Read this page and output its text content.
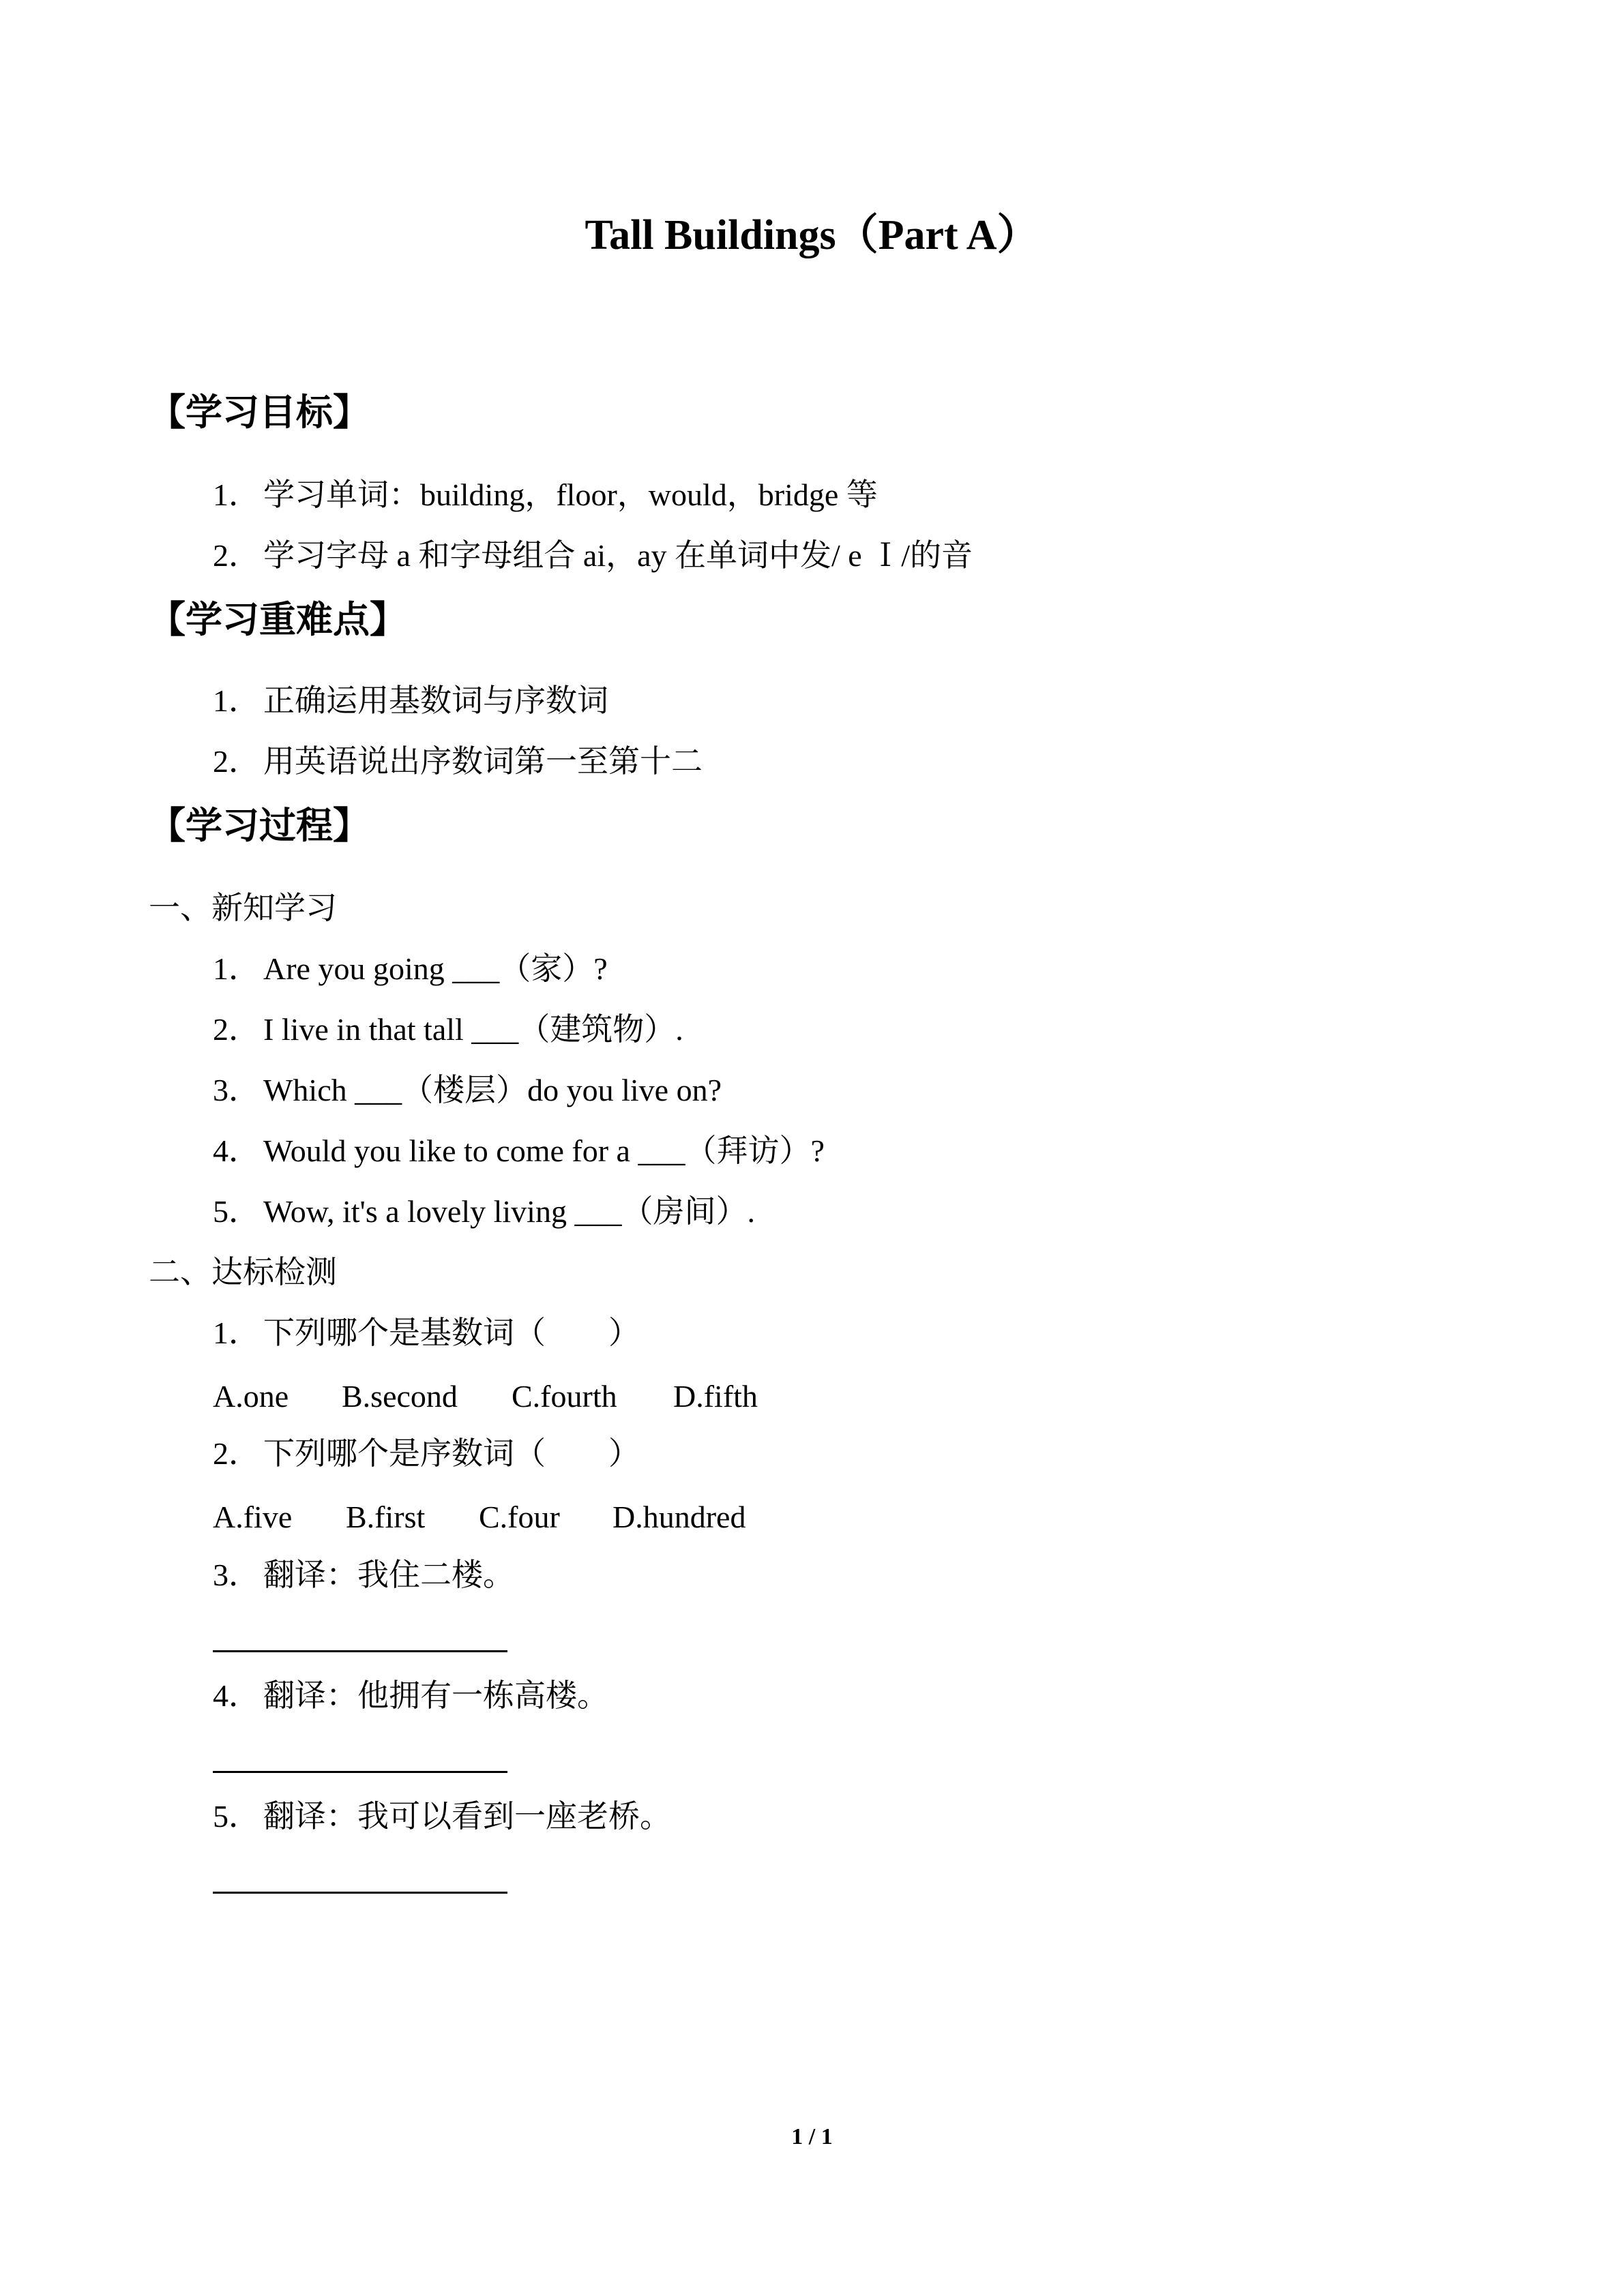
Tall Buildings（Part A）
【学习目标】
1． 学习单词：building，floor，would，bridge 等
2． 学习字母 a 和字母组合 ai，ay 在单词中发/ e Ｉ/的音
【学习重难点】
1． 正确运用基数词与序数词
2． 用英语说出序数词第一至第十二
【学习过程】
一、新知学习
1． Are you going ___（家）?
2． I live in that tall ___（建筑物）.
3． Which ___（楼层）do you live on?
4． Would you like to come for a ___（拜访）?
5． Wow, it's a lovely living ___（房间）.
二、达标检测
1． 下列哪个是基数词（　　）
A.one B.second C.fourth D.fifth
2． 下列哪个是序数词（　　）
A.five B.first C.four D.hundred
3． 翻译：我住二楼。
4． 翻译：他拥有一栋高楼。
5． 翻译：我可以看到一座老桥。
1 / 1
